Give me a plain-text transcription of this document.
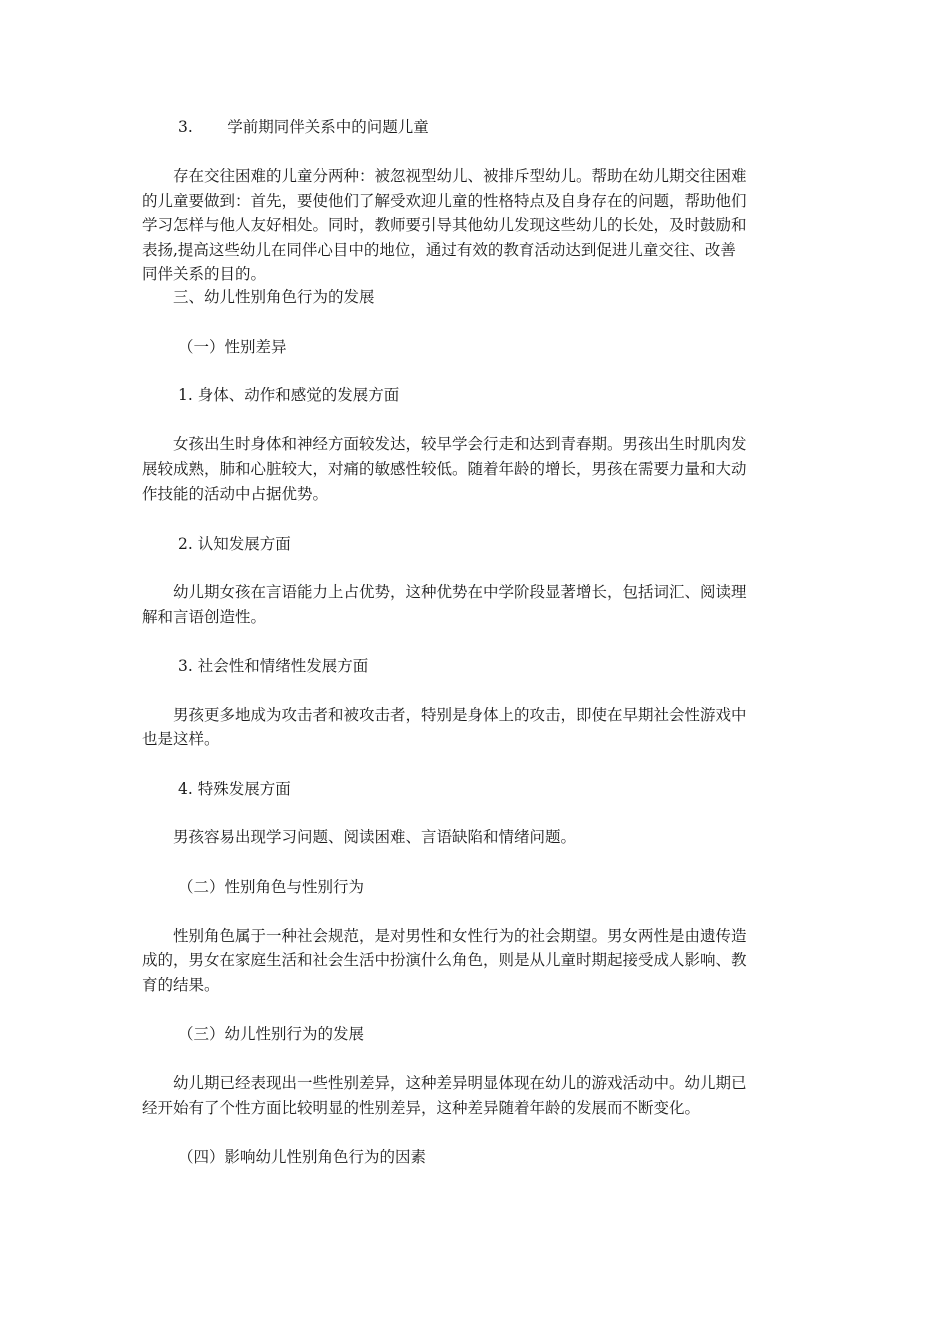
3.       学前期同伴关系中的问题儿童
　　存在交往困难的儿童分两种：被忽视型幼儿、被排斥型幼儿。帮助在幼儿期交往困难
的儿童要做到：首先，要使他们了解受欢迎儿童的性格特点及自身存在的问题，帮助他们
学习怎样与他人友好相处。同时，教师要引导其他幼儿发现这些幼儿的长处，及时鼓励和
表扬,提高这些幼儿在同伴心目中的地位，通过有效的教育活动达到促进儿童交往、改善
同伴关系的目的。
　　三、幼儿性别角色行为的发展
（一）性别差异
1. 身体、动作和感觉的发展方面
　　女孩出生时身体和神经方面较发达，较早学会行走和达到青春期。男孩出生时肌肉发
展较成熟，肺和心脏较大，对痛的敏感性较低。随着年龄的增长，男孩在需要力量和大动
作技能的活动中占据优势。
2. 认知发展方面
　　幼儿期女孩在言语能力上占优势，这种优势在中学阶段显著增长，包括词汇、阅读理
解和言语创造性。
3. 社会性和情绪性发展方面
　　男孩更多地成为攻击者和被攻击者，特别是身体上的攻击，即使在早期社会性游戏中
也是这样。
4. 特殊发展方面
　　男孩容易出现学习问题、阅读困难、言语缺陷和情绪问题。
（二）性别角色与性别行为
　　性别角色属于一种社会规范，是对男性和女性行为的社会期望。男女两性是由遗传造
成的，男女在家庭生活和社会生活中扮演什么角色，则是从儿童时期起接受成人影响、教
育的结果。
（三）幼儿性别行为的发展
　　幼儿期已经表现出一些性别差异，这种差异明显体现在幼儿的游戏活动中。幼儿期已
经开始有了个性方面比较明显的性别差异，这种差异随着年龄的发展而不断变化。
（四）影响幼儿性别角色行为的因素
